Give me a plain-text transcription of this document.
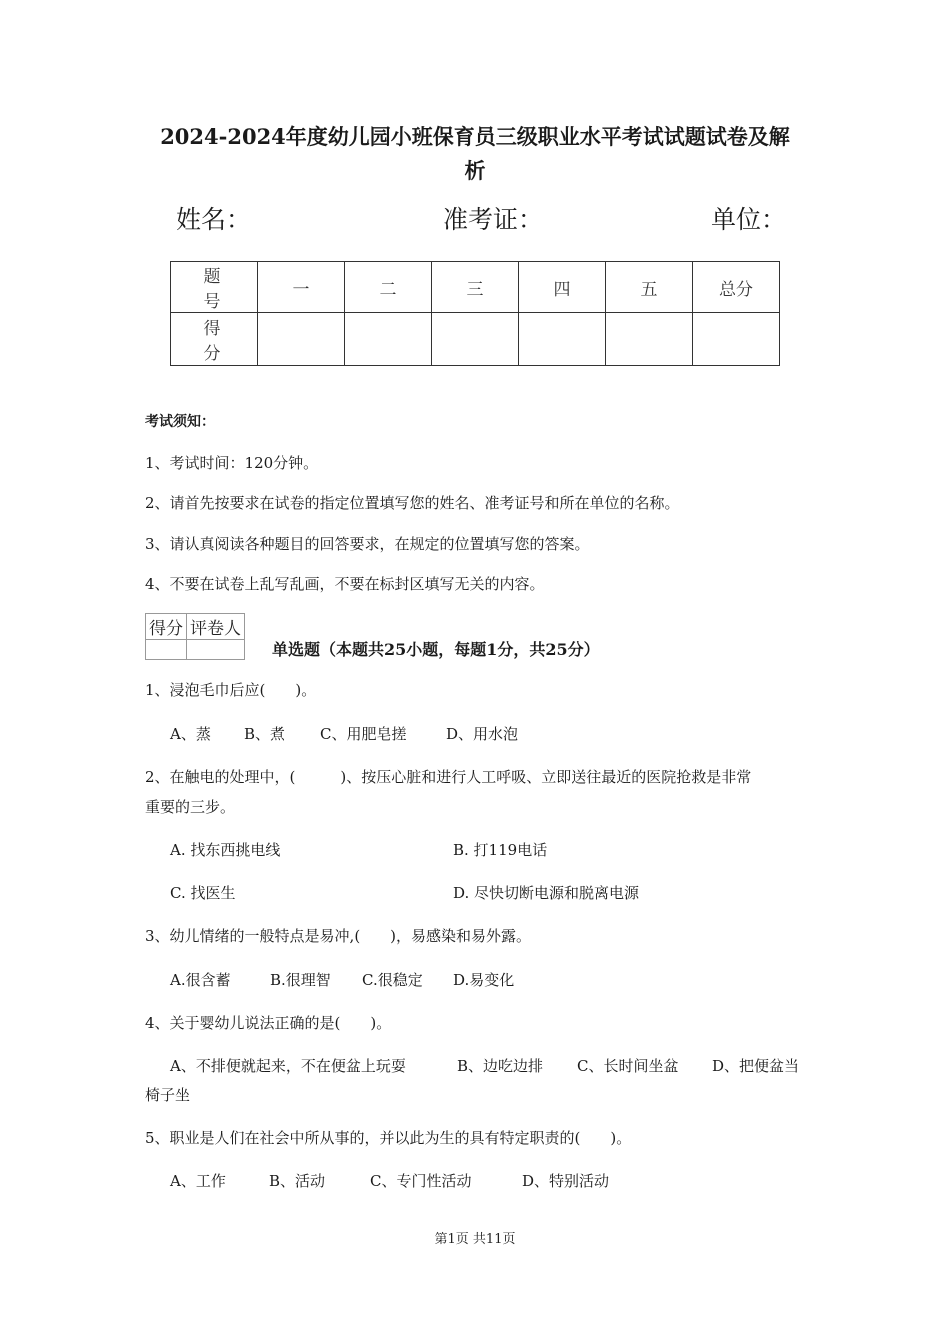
2024-2024年度幼儿园小班保育员三级职业水平考试试题试卷及解
析
姓名：	准考证：	单位：
题　号	一	二	三	四	五	总分
得　分						
考试须知：
1、考试时间：120分钟。
2、请首先按要求在试卷的指定位置填写您的姓名、准考证号和所在单位的名称。
3、请认真阅读各种题目的回答要求，在规定的位置填写您的答案。
4、不要在试卷上乱写乱画，不要在标封区填写无关的内容。
得分	评卷人

单选题（本题共25小题，每题1分，共25分）
1、浸泡毛巾后应(　　)。
A、蒸 B、煮 C、用肥皂搓	D、用水泡
2、在触电的处理中，(　　　)、按压心脏和进行人工呼吸、立即送往最近的医院抢救是非常
重要的三步。
A. 找东西挑电线	B. 打119电话
C. 找医生	D. 尽快切断电源和脱离电源
3、幼儿情绪的一般特点是易冲,(　　)，易感染和易外露。
A.很含蓄	B.很理智 C.很稳定 D.易变化
4、关于婴幼儿说法正确的是(　　)。
A、不排便就起来，不在便盆上玩耍	B、边吃边排 C、长时间坐盆 D、把便盆当
椅子坐
5、职业是人们在社会中所从事的，并以此为生的具有特定职责的(　　)。
A、工作	B、活动	C、专门性活动	D、特别活动
第1页 共11页
